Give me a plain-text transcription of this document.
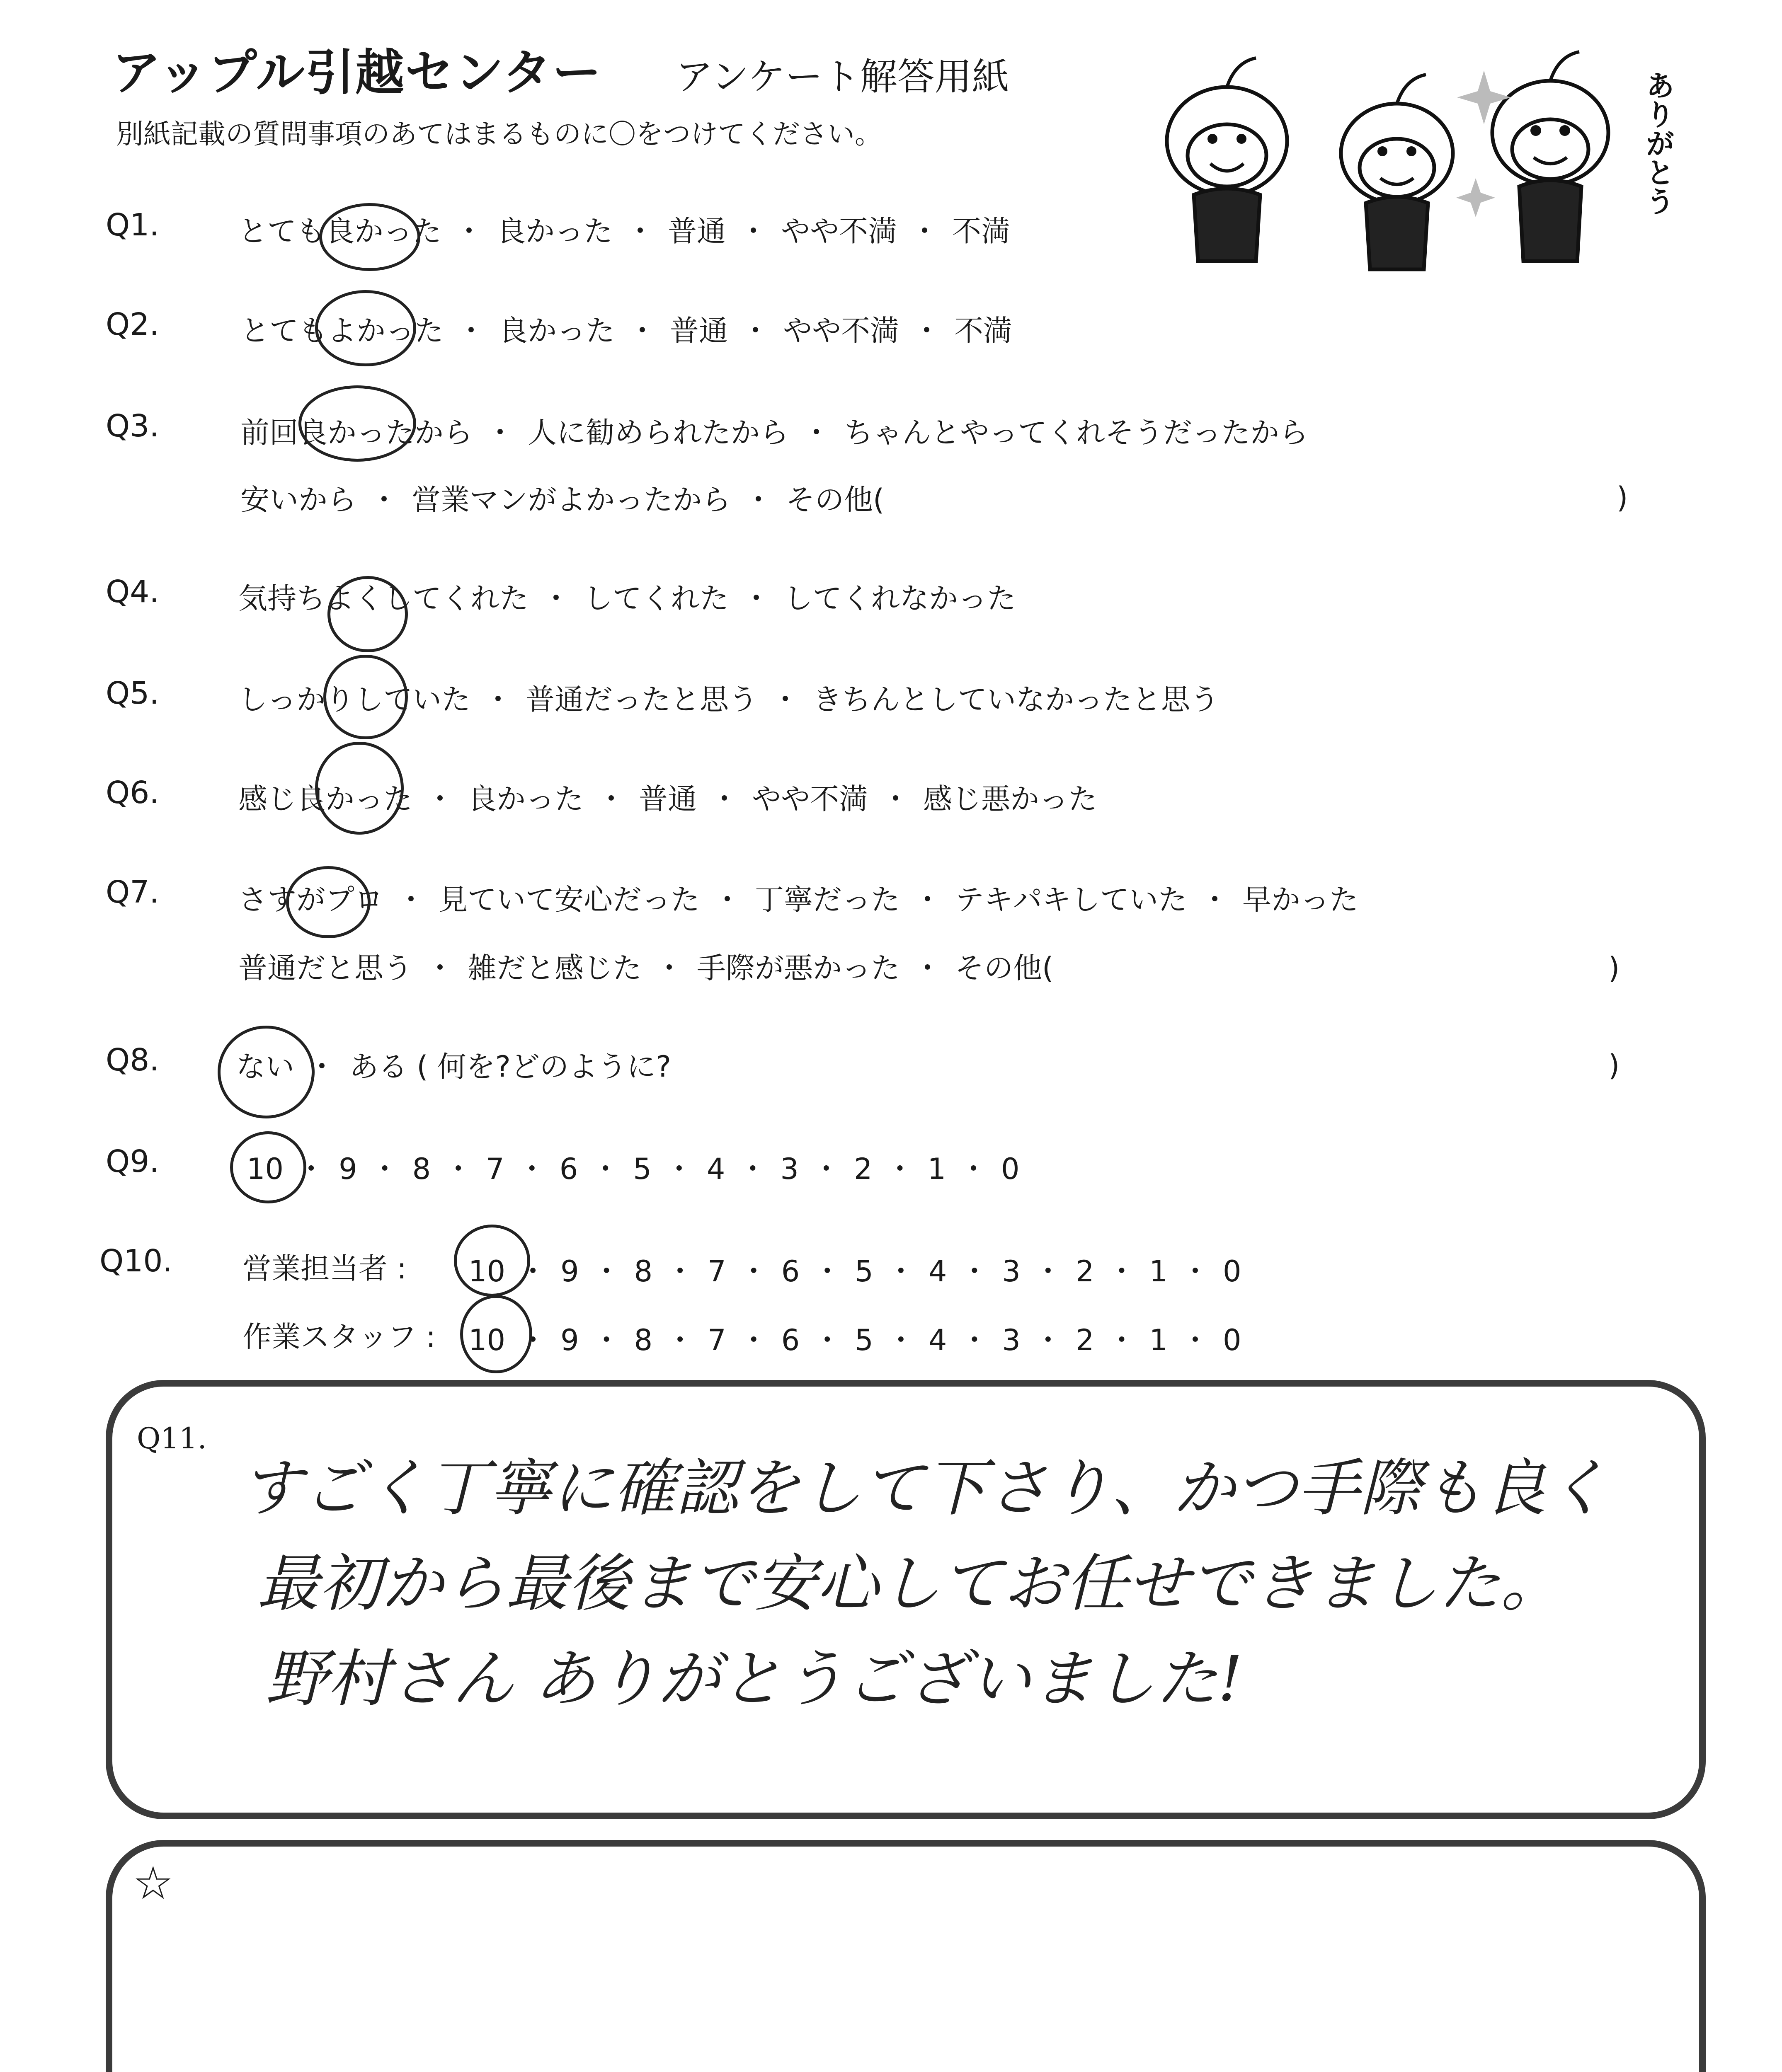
アップル引越センター アンケート解答用紙
別紙記載の質問事項のあてはまるものに〇をつけてください。	ありがとう
Q1.	とても良かった ・ 良かった ・ 普通 ・ やや不満 ・ 不満
Q2.	とてもよかった ・ 良かった ・ 普通 ・ やや不満 ・ 不満
Q3.	前回良かったから ・ 人に勧められたから ・ ちゃんとやってくれそうだったから
安いから ・ 営業マンがよかったから ・ その他(	)
Q4.	気持ちよくしてくれた ・ してくれた ・ してくれなかった
Q5.	しっかりしていた ・ 普通だったと思う ・ きちんとしていなかったと思う
Q6.	感じ良かった ・ 良かった ・ 普通 ・ やや不満 ・ 感じ悪かった
Q7.	さすがプロ ・ 見ていて安心だった ・ 丁寧だった ・ テキパキしていた ・ 早かった
普通だと思う ・ 雑だと感じた ・ 手際が悪かった ・ その他(	)
Q8.	ない ・ ある ( 何を?どのように?	)
Q9.	10 ・ 9 ・ 8 ・ 7 ・ 6 ・ 5 ・ 4 ・ 3 ・ 2 ・ 1 ・ 0
Q10. 営業担当者 : 10 ・ 9 ・ 8 ・ 7 ・ 6 ・ 5 ・ 4 ・ 3 ・ 2 ・ 1 ・ 0
作業スタッフ : 10 ・ 9 ・ 8 ・ 7 ・ 6 ・ 5 ・ 4 ・ 3 ・ 2 ・ 1 ・ 0
Q11.
すごく丁寧に確認をして下さり、かつ手際も良く
最初から最後まで安心してお任せできました。
野村さん ありがとうございました!
☆
